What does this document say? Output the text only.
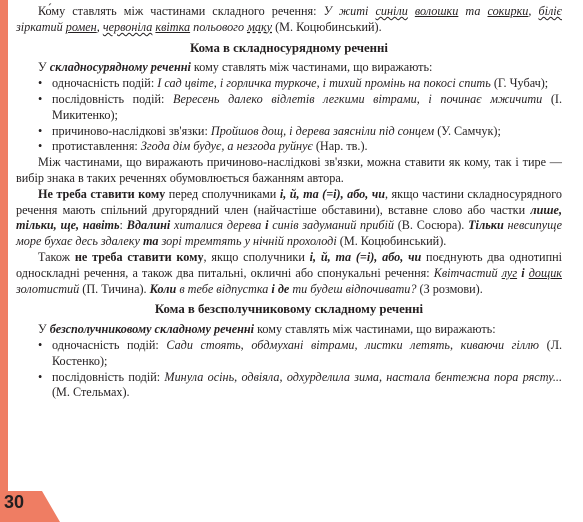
Ко́му ставлять між частинами складного речення: У житі синіли волошки та сокирки, біліє зіркатий ромен, червоніла квітка польового маку (М. Коцюбинський).

Кома в складносурядному реченні

У складносурядному реченні кому ставлять між частинами, що виражають:

• одночасність подій: І сад цвіте, і горличка туркоче, і тихий промінь на покосі спить (Г. Чубач);
• послідовність подій: Вересень далеко відлетів легкими вітрами, і починає мжичити (І. Микитенко);
• причиново-наслідкові зв'язки: Пройшов дощ, і дерева заясніли під сонцем (У. Самчук);
• протиставлення: Згода дім будує, а незгода руйнує (Нар. тв.).

Між частинами, що виражають причиново-наслідкові зв'язки, можна ставити як кому, так і тире — вибір знака в таких реченнях обумовлюється бажанням автора.

Не треба ставити кому перед сполучниками і, й, та (=і), або, чи, якщо частини складносурядного речення мають спільний другорядний член (найчастіше обставини), вставне слово або частки лише, тільки, ще, навіть: Вдалині хиталися дерева і синів задуманий прибій (В. Сосюра). Тільки невсипуще море бухає десь здалеку та зорі тремтять у нічній прохолоді (М. Коцюбинський).

Також не треба ставити кому, якщо сполучники і, й, та (=і), або, чи поєднують два однотипні односкладні речення, а також два питальні, окличні або спонукальні речення: Квітчастий луг і дощик золотистий (П. Тичина). Коли в тебе відпустка і де ти будеш відпочивати? (З розмови).

Кома в безсполучниковому складному реченні

У безсполучниковому складному реченні кому ставлять між частинами, що виражають:

• одночасність подій: Сади стоять, обдмухані вітрами, листки летять, киваючи гіллю (Л. Костенко);
• послідовність подій: Минула осінь, одвіяла, одхурделила зима, настала бентежна пора рясту... (М. Стельмах).
30
